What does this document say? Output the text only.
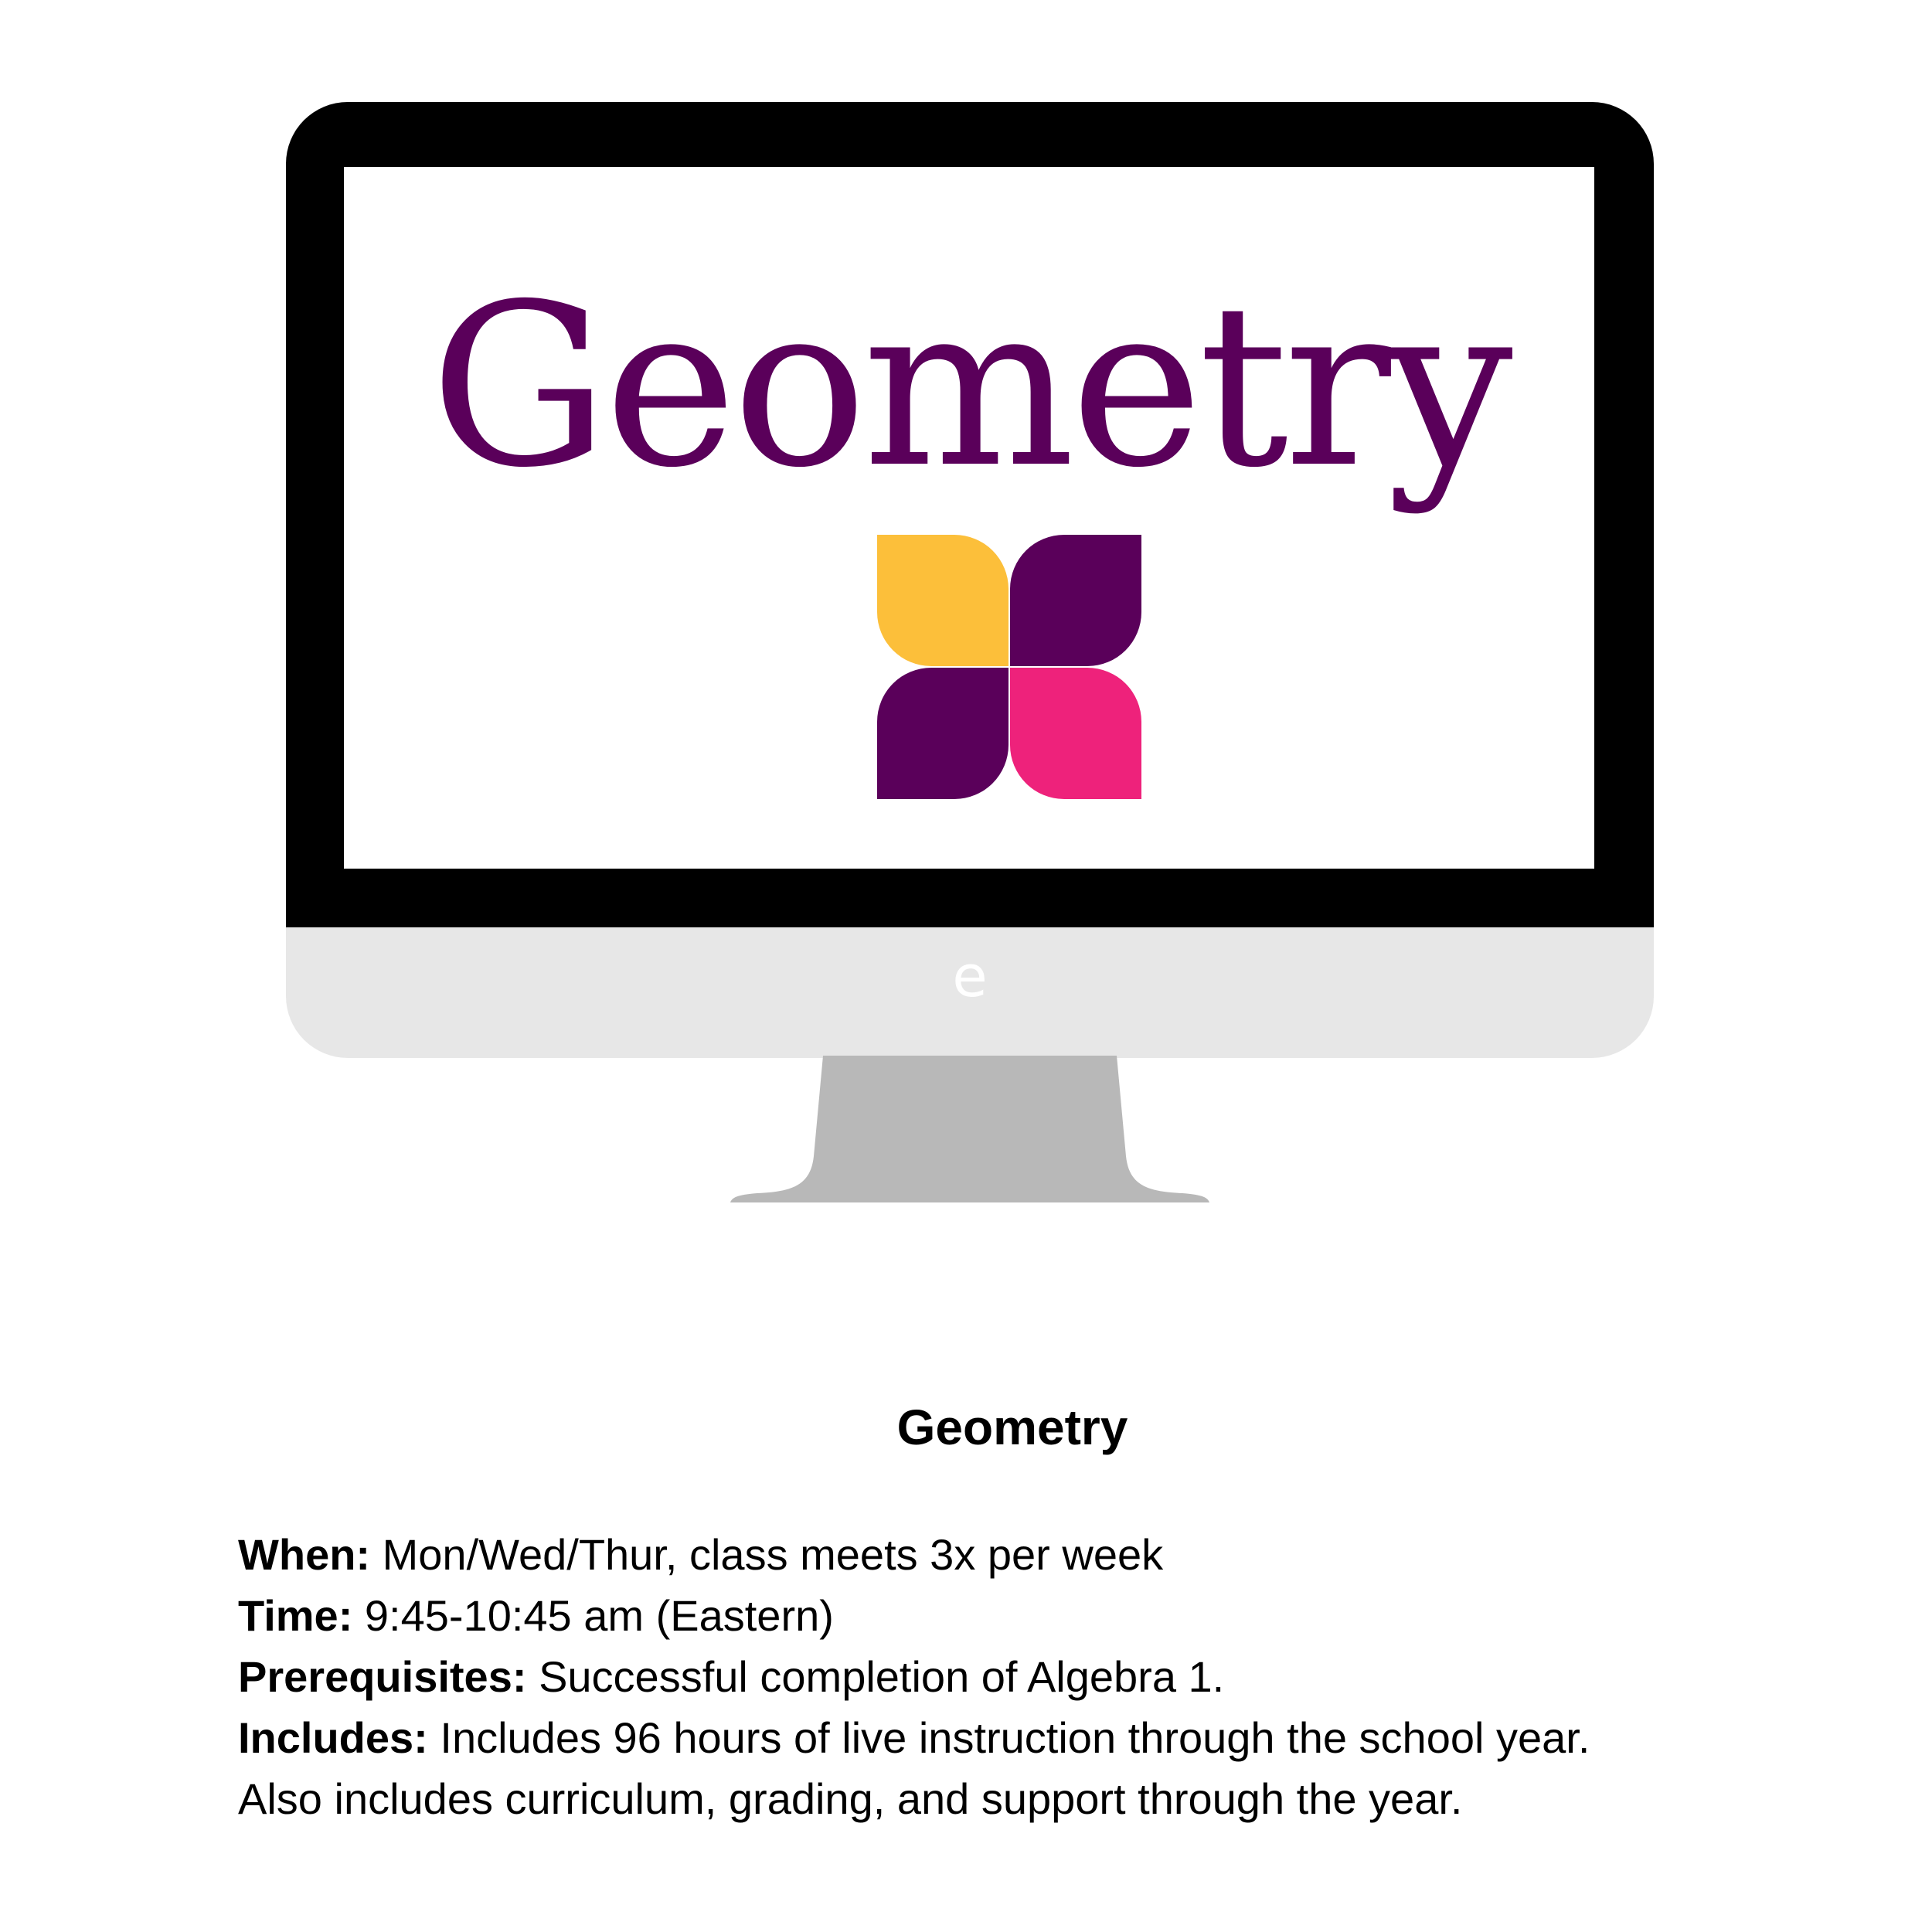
Geometry
e
Geometry
When: Mon/Wed/Thur, class meets 3x per week
Time: 9:45-10:45 am (Eastern)
Prerequisites: Successful completion of Algebra 1.
Includes: Includes 96 hours of live instruction through the school year.
Also includes curriculum, grading, and support through the year.
